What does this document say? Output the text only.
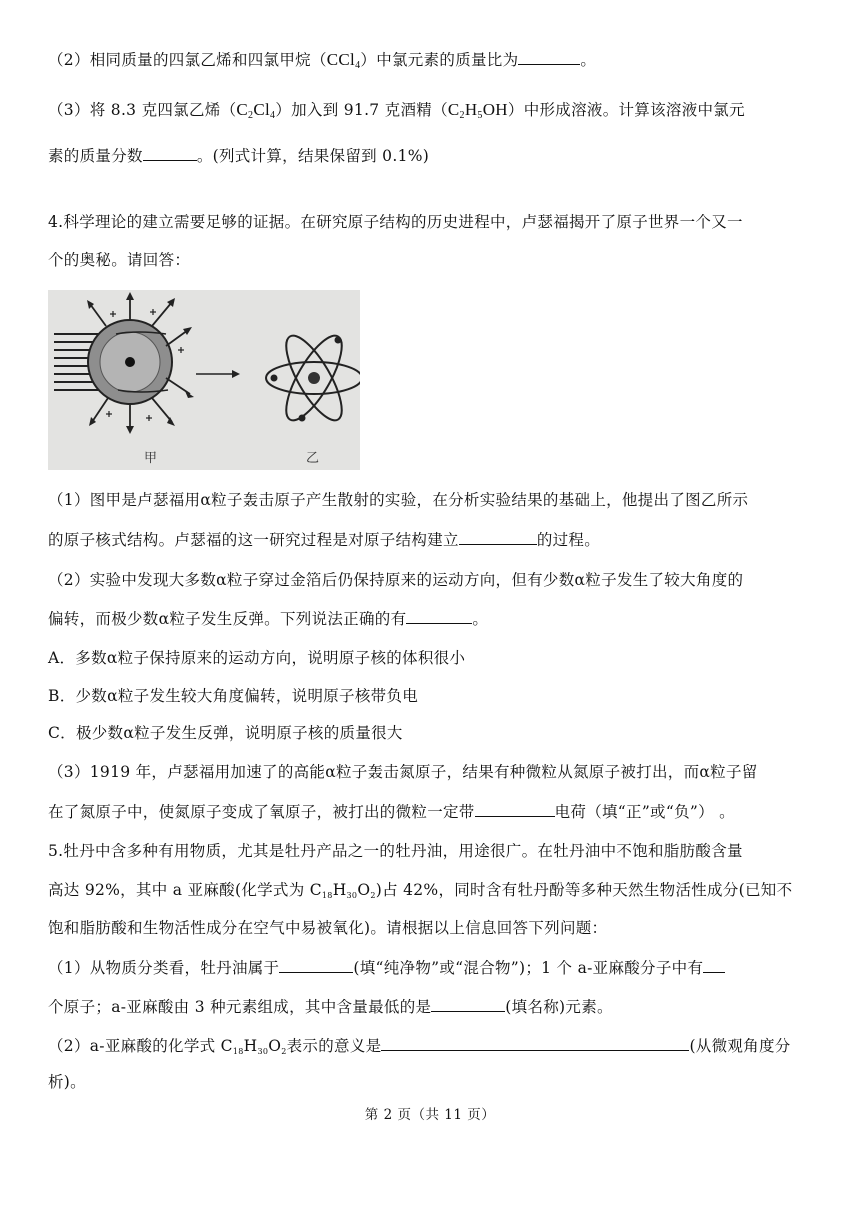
（2）相同质量的四氯乙烯和四氯甲烷（CCl$_4$）中氯元素的质量比为	。
（3）将 8.3 克四氯乙烯$(C_2Cl_4)$加入到 91.7 克酒精$(C_2H_5OH)$中形成溶液。计算该溶液中氯元
素的质量分数	。(列式计算，结果保留到 0.1%)
4.科学理论的建立需要足够的证据。在研究原子结构的历史进程中，卢瑟福揭开了原子世界一个又一
个的奥秘。请回答：
甲	乙
（1）图甲是卢瑟福用α粒子轰击原子产生散射的实验，在分析实验结果的基础上，他提出了图乙所示
的原子核式结构。卢瑟福的这一研究过程是对原子结构建立	的过程。
（2）实验中发现大多数α粒子穿过金箔后仍保持原来的运动方向，但有少数α粒子发生了较大角度的
偏转，而极少数α粒子发生反弹。下列说法正确的有	。
A．多数α粒子保持原来的运动方向，说明原子核的体积很小
B．少数α粒子发生较大角度偏转，说明原子核带负电
C．极少数α粒子发生反弹，说明原子核的质量很大
（3）1919 年，卢瑟福用加速了的高能α粒子轰击氮原子，结果有种微粒从氮原子被打出，而α粒子留
在了氮原子中，使氮原子变成了氧原子，被打出的微粒一定带	电荷（填“正”或“负”） 。
5.牡丹中含多种有用物质，尤其是牡丹产品之一的牡丹油，用途很广。在牡丹油中不饱和脂肪酸含量
高达 92%，其中 a 亚麻酸(化学式为 $C_{18}H_{30}O_2$)占 42%，同时含有牡丹酚等多种天然生物活性成分(已知不
饱和脂肪酸和生物活性成分在空气中易被氧化)。请根据以上信息回答下列问题：
（1）从物质分类看，牡丹油属于	(填“纯净物”或“混合物”)；1 个 a-亚麻酸分子中有
个原子；a-亚麻酸由 3 种元素组成，其中含量最低的是	(填名称)元素。
（2）a-亚麻酸的化学式 $C_{18}H_{30}O_2$表示的意义是	(从微观角度分
析)。
第 2 页（共 11 页）
